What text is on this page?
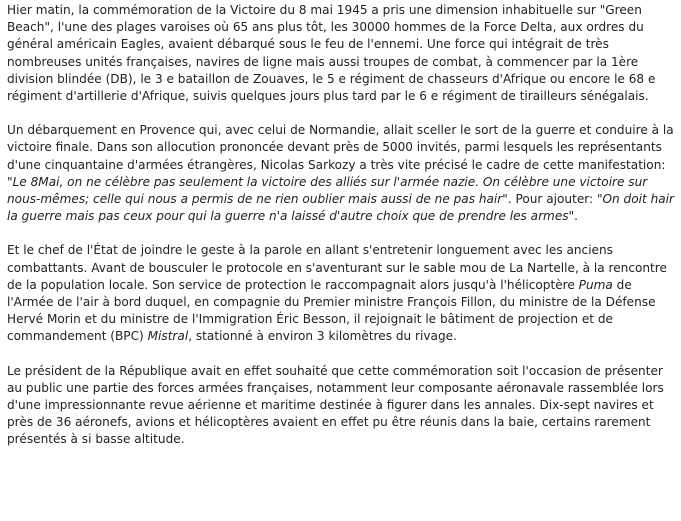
Hier matin, la commémoration de la Victoire du 8 mai 1945 a pris une dimension inhabituelle sur "Green Beach", l'une des plages varoises où 65 ans plus tôt, les 30000 hommes de la Force Delta, aux ordres du général américain Eagles, avaient débarqué sous le feu de l'ennemi. Une force qui intégrait de très nombreuses unités françaises, navires de ligne mais aussi troupes de combat, à commencer par la 1ère division blindée (DB), le 3 e bataillon de Zouaves, le 5 e régiment de chasseurs d'Afrique ou encore le 68 e régiment d'artillerie d'Afrique, suivis quelques jours plus tard par le 6 e régiment de tirailleurs sénégalais.

Un débarquement en Provence qui, avec celui de Normandie, allait sceller le sort de la guerre et conduire à la victoire finale. Dans son allocution prononcée devant près de 5000 invités, parmi lesquels les représentants d'une cinquantaine d'armées étrangères, Nicolas Sarkozy a très vite précisé le cadre de cette manifestation: "Le 8Mai, on ne célèbre pas seulement la victoire des alliés sur l'armée nazie. On célèbre une victoire sur nous-mêmes; celle qui nous a permis de ne rien oublier mais aussi de ne pas hair". Pour ajouter: "On doit hair la guerre mais pas ceux pour qui la guerre n'a laissé d'autre choix que de prendre les armes".

Et le chef de l'État de joindre le geste à la parole en allant s'entretenir longuement avec les anciens combattants. Avant de bousculer le protocole en s'aventurant sur le sable mou de La Nartelle, à la rencontre de la population locale. Son service de protection le raccompagnait alors jusqu'à l'hélicoptère Puma de l'Armée de l'air à bord duquel, en compagnie du Premier ministre François Fillon, du ministre de la Défense Hervé Morin et du ministre de l'Immigration Éric Besson, il rejoignait le bâtiment de projection et de commandement (BPC) Mistral, stationné à environ 3 kilomètres du rivage.

Le président de la République avait en effet souhaité que cette commémoration soit l'occasion de présenter au public une partie des forces armées françaises, notamment leur composante aéronavale rassemblée lors d'une impressionnante revue aérienne et maritime destinée à figurer dans les annales. Dix-sept navires et près de 36 aéronefs, avions et hélicoptères avaient en effet pu être réunis dans la baie, certains rarement présentés à si basse altitude.
